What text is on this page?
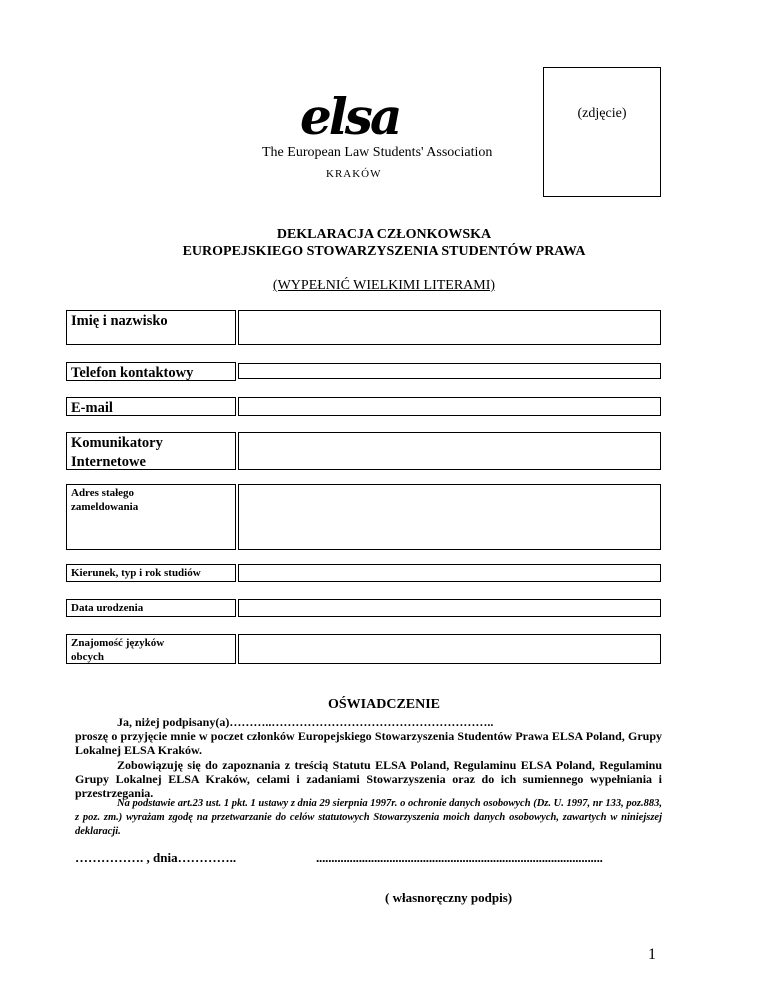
elsa
The European Law Students' Association
KRAKÓW
(zdjęcie)
DEKLARACJA CZŁONKOWSKA
EUROPEJSKIEGO STOWARZYSZENIA STUDENTÓW PRAWA
(WYPEŁNIĆ WIELKIMI LITERAMI)
Imię i nazwisko
Telefon kontaktowy
E-mail
Komunikatory
Internetowe
Adres stałego
zameldowania
Kierunek, typ i rok studiów
Data urodzenia
Znajomość języków
obcych
OŚWIADCZENIE
Ja, niżej podpisany(a)………..………………………………………………..
proszę o przyjęcie mnie w poczet członków Europejskiego Stowarzyszenia Studentów Prawa ELSA Poland, Grupy Lokalnej ELSA Kraków.
Zobowiązuję się do zapoznania z treścią Statutu ELSA Poland, Regulaminu ELSA Poland, Regulaminu Grupy Lokalnej ELSA Kraków, celami i zadaniami Stowarzyszenia oraz do ich sumiennego wypełniania i przestrzegania.
Na podstawie art.23 ust. 1 pkt. 1 ustawy z dnia 29 sierpnia 1997r. o ochronie danych osobowych (Dz. U. 1997, nr 133, poz.883, z poz. zm.) wyrażam zgodę na przetwarzanie do celów statutowych Stowarzyszenia moich danych osobowych, zawartych w niniejszej deklaracji.
……………. , dnia…………..	..............................................................................................
( własnoręczny podpis)
1
